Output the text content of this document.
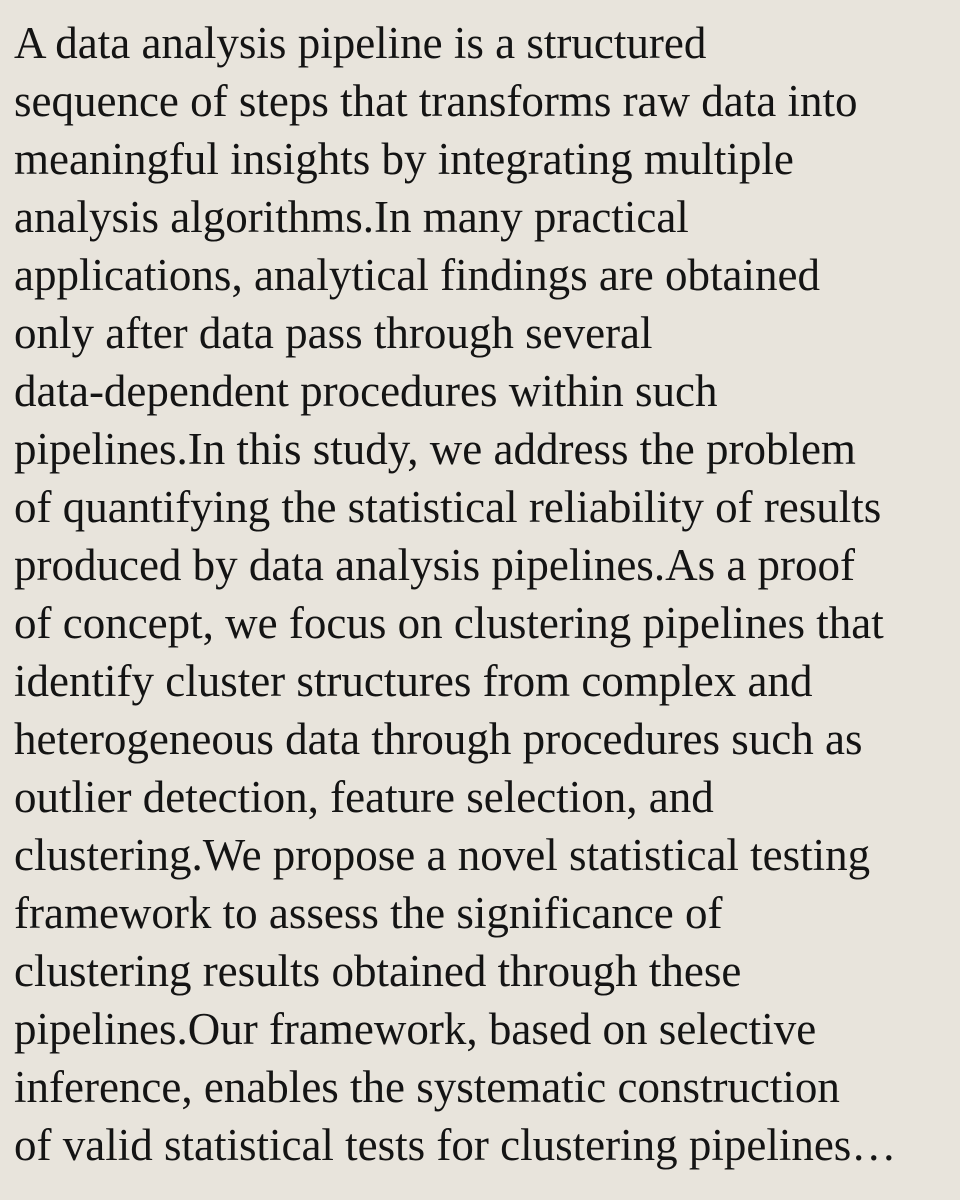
A data analysis pipeline is a structured
sequence of steps that transforms raw data into
meaningful insights by integrating multiple
analysis algorithms.In many practical
applications, analytical findings are obtained
only after data pass through several
data-dependent procedures within such
pipelines.In this study, we address the problem
of quantifying the statistical reliability of results
produced by data analysis pipelines.As a proof
of concept, we focus on clustering pipelines that
identify cluster structures from complex and
heterogeneous data through procedures such as
outlier detection, feature selection, and
clustering.We propose a novel statistical testing
framework to assess the significance of
clustering results obtained through these
pipelines.Our framework, based on selective
inference, enables the systematic construction
of valid statistical tests for clustering pipelines…
